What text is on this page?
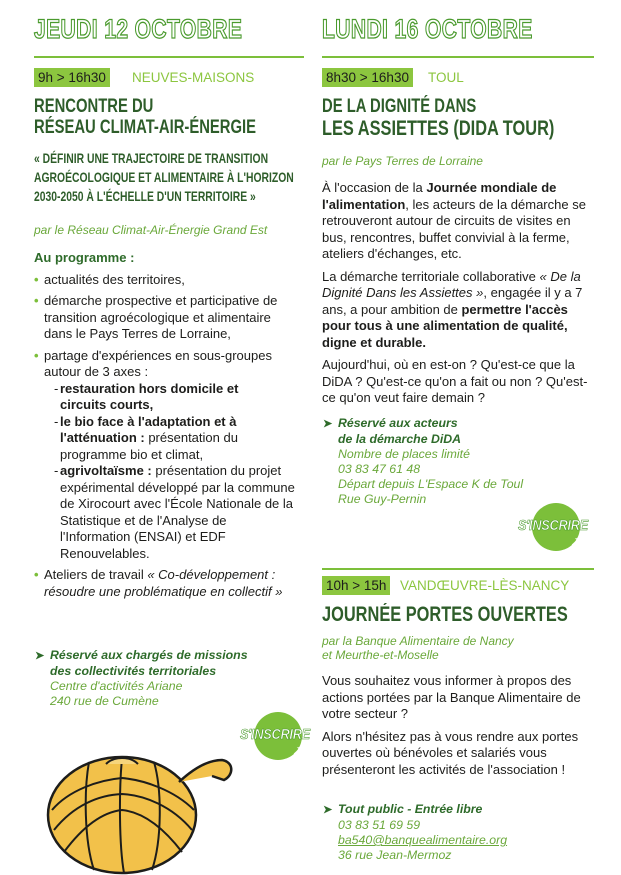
JEUDI 12 OCTOBRE
9h > 16h30 NEUVES-MAISONS
RENCONTRE DU
RÉSEAU CLIMAT-AIR-ÉNERGIE
« DÉFINIR UNE TRAJECTOIRE DE TRANSITION
AGROÉCOLOGIQUE ET ALIMENTAIRE À L'HORIZON
2030-2050 À L'ÉCHELLE D'UN TERRITOIRE »
par le Réseau Climat-Air-Énergie Grand Est

Au programme :

• actualités des territoires,

• démarche prospective et participative de transition agroécologique et alimentaire dans le Pays Terres de Lorraine,

• partage d'expériences en sous-groupes autour de 3 axes :

- restauration hors domicile et circuits courts,

- le bio face à l'adaptation et à l'atténuation : présentation du programme bio et climat,

- agrivoltaïsme : présentation du projet expérimental développé par la commune de Xirocourt avec l'École Nationale de la Statistique et de l'Analyse de l'Information (ENSAI) et EDF Renouvelables.

• Ateliers de travail « Co-développement : résoudre une problématique en collectif »

➤ Réservé aux chargés de missions
des collectivités territoriales
Centre d'activités Ariane
240 rue de Cumène
S'INSCRIRE
➚
LUNDI 16 OCTOBRE
8h30 > 16h30 TOUL
DE LA DIGNITÉ DANS
LES ASSIETTES (DIDA TOUR)
par le Pays Terres de Lorraine

À l'occasion de la Journée mondiale de l'alimentation, les acteurs de la démarche se retrouveront autour de circuits de visites en bus, rencontres, buffet convivial à la ferme, ateliers d'échanges, etc.

La démarche territoriale collaborative « De la Dignité Dans les Assiettes », engagée il y a 7 ans, a pour ambition de permettre l'accès pour tous à une alimentation de qualité, digne et durable.

Aujourd'hui, où en est-on ? Qu'est-ce que la DiDA ? Qu'est-ce qu'on a fait ou non ? Qu'est-ce qu'on veut faire demain ?

➤ Réservé aux acteurs
de la démarche DiDA
Nombre de places limité
03 83 47 61 48
Départ depuis L'Espace K de Toul
Rue Guy-Pernin
S'INSCRIRE
➚
10h > 15h VANDŒUVRE-LÈS-NANCY
JOURNÉE PORTES OUVERTES
par la Banque Alimentaire de Nancy
et Meurthe-et-Moselle

Vous souhaitez vous informer à propos des actions portées par la Banque Alimentaire de votre secteur ?

Alors n'hésitez pas à vous rendre aux portes ouvertes où bénévoles et salariés vous présenteront les activités de l'association !

➤ Tout public - Entrée libre
03 83 51 69 59
ba540@banquealimentaire.org
36 rue Jean-Mermoz
